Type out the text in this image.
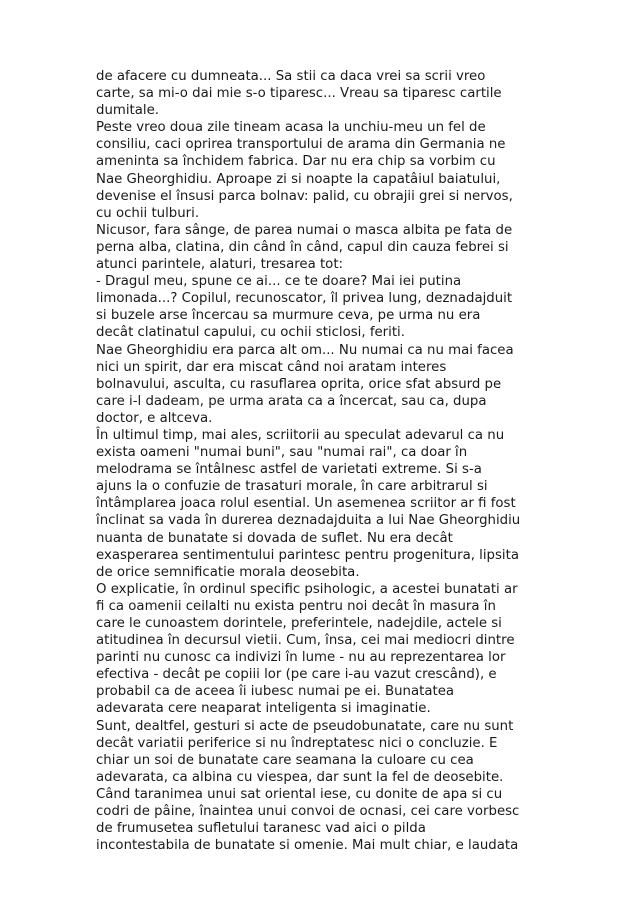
de afacere cu dumneata... Sa stii ca daca vrei sa scrii vreo
carte, sa mi-o dai mie s-o tiparesc... Vreau sa tiparesc cartile
dumitale.
Peste vreo doua zile tineam acasa la unchiu-meu un fel de
consiliu, caci oprirea transportului de arama din Germania ne
amenintа sa închidem fabrica. Dar nu era chip sa vorbim cu
Nae Gheorghidiu. Aproape zi si noapte la capatâiul baiatului,
devenise el însusi parca bolnav: palid, cu obrajii grei si nervos,
cu ochii tulburi.
Nicusor, fara sânge, de parea numai o masca albita pe fata de
perna alba, clatina, din când în când, capul din cauza febrei si
atunci parintele, alaturi, tresarea tot:
- Dragul meu, spune ce ai... ce te doare? Mai iei putina
limonada...? Copilul, recunoscator, îl privea lung, deznadajduit
si buzele arse încercau sa murmure ceva, pe urma nu era
decât clatinatul capului, cu ochii sticlosi, feriti.
Nae Gheorghidiu era parca alt om... Nu numai ca nu mai facea
nici un spirit, dar era miscat când noi aratam interes
bolnavului, asculta, cu rasuflarea oprita, orice sfat absurd pe
care i-l dadeam, pe urma arata ca a încercat, sau ca, dupa
doctor, e altceva.
În ultimul timp, mai ales, scriitorii au speculat adevarul ca nu
exista oameni "numai buni", sau "numai rai", ca doar în
melodrama se întâlnesc astfel de varietati extreme. Si s-a
ajuns la o confuzie de trasaturi morale, în care arbitrarul si
întâmplarea joaca rolul esential. Un asemenea scriitor ar fi fost
înclinat sa vada în durerea deznadajduita a lui Nae Gheorghidiu
nuanta de bunatate si dovada de suflet. Nu era decât
exasperarea sentimentului parintesc pentru progenitura, lipsita
de orice semnificatie morala deosebita.
O explicatie, în ordinul specific psihologic, a acestei bunatati ar
fi ca oamenii ceilalti nu exista pentru noi decât în masura în
care le cunoastem dorintele, preferintele, nadejdile, actele si
atitudinea în decursul vietii. Cum, însa, cei mai mediocri dintre
parinti nu cunosc ca indivizi în lume - nu au reprezentarea lor
efectiva - decât pe copiii lor (pe care i-au vazut crescând), e
probabil ca de aceea îi iubesc numai pe ei. Bunatatea
adevarata cere neaparat inteligenta si imaginatie.
Sunt, dealtfel, gesturi si acte de pseudobunatate, care nu sunt
decât variatii periferice si nu îndreptatesc nici o concluzie. E
chiar un soi de bunatate care seamana la culoare cu cea
adevarata, ca albina cu viespea, dar sunt la fel de deosebite.
Când taranimea unui sat oriental iese, cu donite de apa si cu
codri de pâine, înaintea unui convoi de ocnasi, cei care vorbesc
de frumusetea sufletului taranesc vad aici o pilda
incontestabila de bunatate si omenie. Mai mult chiar, e laudata
